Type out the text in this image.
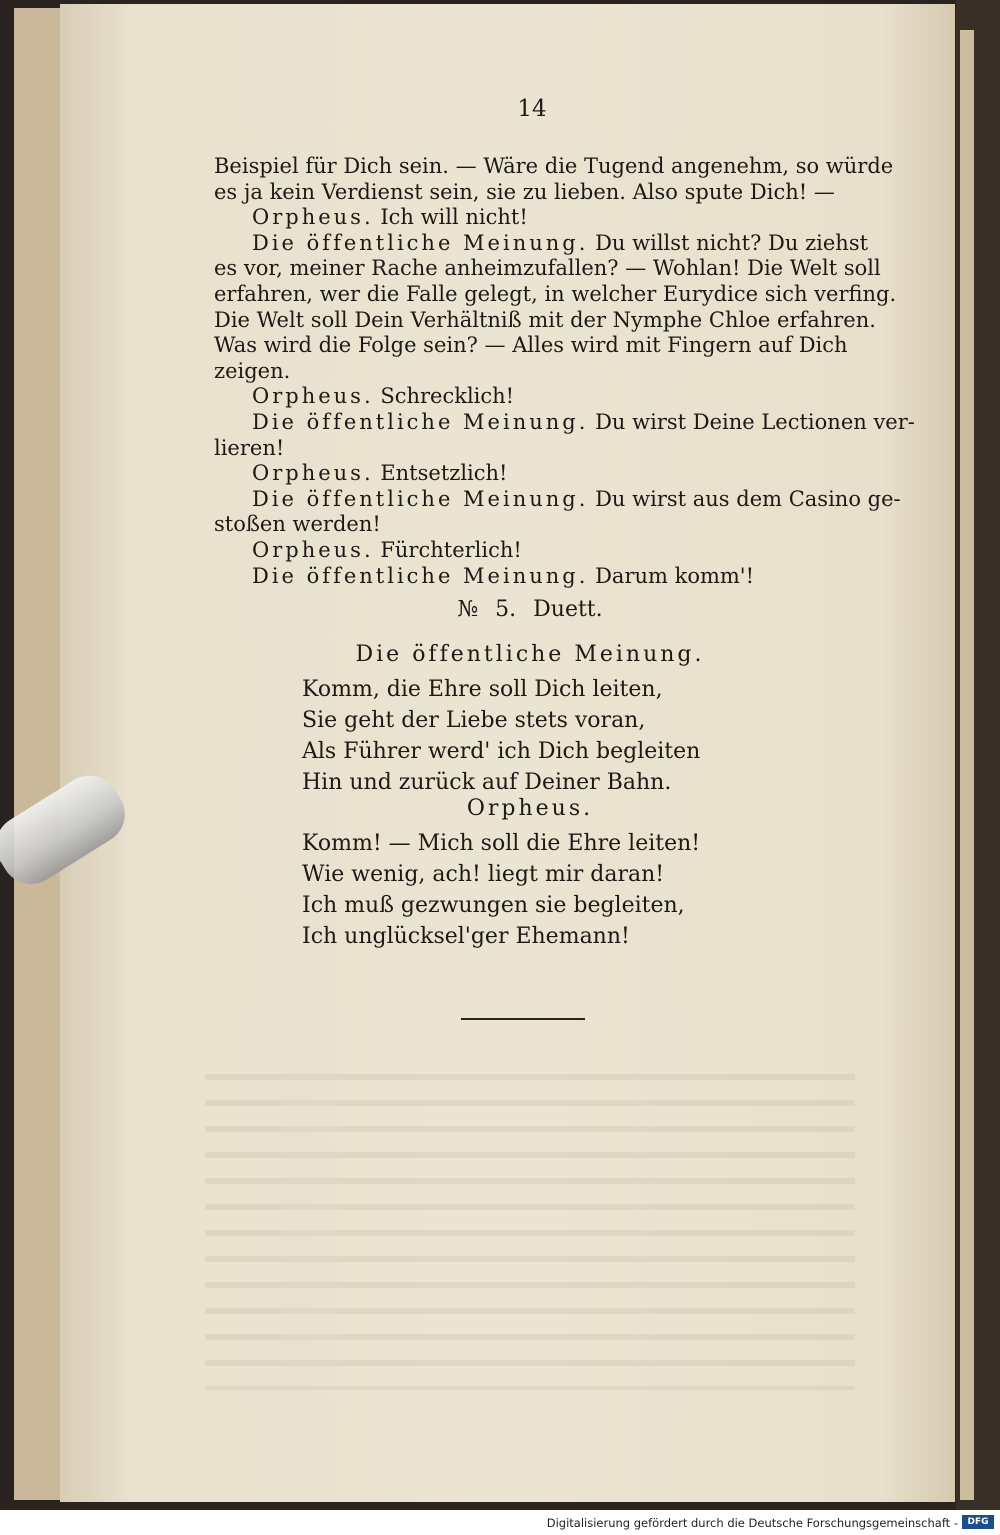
14
Beispiel für Dich sein. — Wäre die Tugend angenehm, so würde
es ja kein Verdienst sein, sie zu lieben. Also spute Dich! —
Orpheus. Ich will nicht!
Die öffentliche Meinung. Du willst nicht? Du ziehst
es vor, meiner Rache anheimzufallen? — Wohlan! Die Welt soll
erfahren, wer die Falle gelegt, in welcher Eurydice sich verfing.
Die Welt soll Dein Verhältniß mit der Nymphe Chloe erfahren.
Was wird die Folge sein? — Alles wird mit Fingern auf Dich
zeigen.
Orpheus. Schrecklich!
Die öffentliche Meinung. Du wirst Deine Lectionen ver-
lieren!
Orpheus. Entsetzlich!
Die öffentliche Meinung. Du wirst aus dem Casino ge-
stoßen werden!
Orpheus. Fürchterlich!
Die öffentliche Meinung. Darum komm'!
№ 5. Duett.
Die öffentliche Meinung.
Komm, die Ehre soll Dich leiten,
Sie geht der Liebe stets voran,
Als Führer werd' ich Dich begleiten
Hin und zurück auf Deiner Bahn.
Orpheus.
Komm! — Mich soll die Ehre leiten!
Wie wenig, ach! liegt mir daran!
Ich muß gezwungen sie begleiten,
Ich unglücksel'ger Ehemann!
Digitalisierung gefördert durch die Deutsche Forschungsgemeinschaft -	DFG
